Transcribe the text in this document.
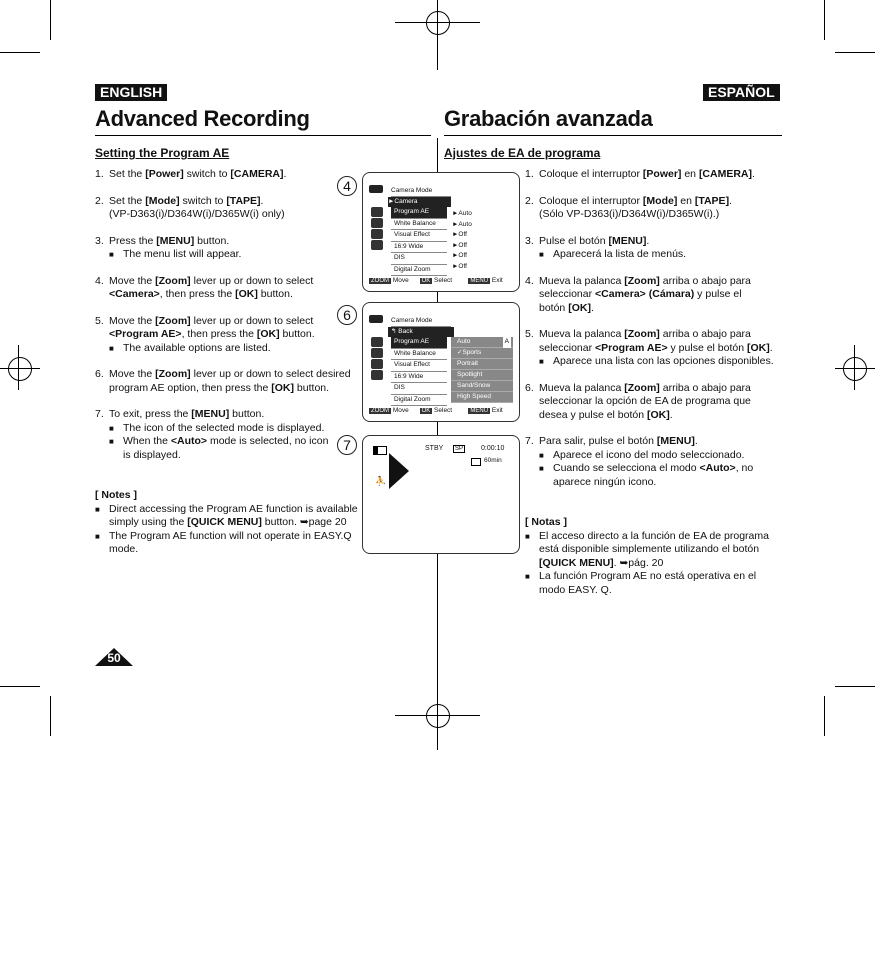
ENGLISH	ESPAÑOL
Advanced Recording	Grabación avanzada
Setting the Program AE	Ajustes de EA de programa
1. Set the [Power] switch to [CAMERA].
2. Set the [Mode] switch to [TAPE].
(VP-D363(i)/D364W(i)/D365W(i) only)
3. Press the [MENU] button.
■ The menu list will appear.
4. Move the [Zoom] lever up or down to select
<Camera>, then press the [OK] button.
5. Move the [Zoom] lever up or down to select
<Program AE>, then press the [OK] button.
■ The available options are listed.
6. Move the [Zoom] lever up or down to select desired
program AE option, then press the [OK] button.
7. To exit, press the [MENU] button.
■ The icon of the selected mode is displayed.
■ When the <Auto> mode is selected, no icon
is displayed.
[ Notes ]
■ Direct accessing the Program AE function is available
simply using the [QUICK MENU] button. ➥page 20
■ The Program AE function will not operate in EASY.Q
mode.
1. Coloque el interruptor [Power] en [CAMERA].
2. Coloque el interruptor [Mode] en [TAPE].
(Sólo VP-D363(i)/D364W(i)/D365W(i).)
3. Pulse el botón [MENU].
■ Aparecerá la lista de menús.
4. Mueva la palanca [Zoom] arriba o abajo para
seleccionar <Camera> (Cámara) y pulse el
botón [OK].
5. Mueva la palanca [Zoom] arriba o abajo para
seleccionar <Program AE> y pulse el botón [OK].
■ Aparece una lista con las opciones disponibles.
6. Mueva la palanca [Zoom] arriba o abajo para
seleccionar la opción de EA de programa que
desea y pulse el botón [OK].
7. Para salir, pulse el botón [MENU].
■ Aparece el icono del modo seleccionado.
■ Cuando se selecciona el modo <Auto>, no
aparece ningún icono.
[ Notas ]
■ El acceso directo a la función de EA de programa
está disponible simplemente utilizando el botón
[QUICK MENU]. ➥pág. 20
■ La función Program AE no está operativa en el
modo EASY. Q.
4	Camera Mode
►Camera
Program AE
White Balance
Visual Effect
16:9 Wide
DIS
Digital Zoom
►Auto
►Auto
►Off
►Off
►Off
►Off
ZOOM Move OK Select	MENU Exit
6	Camera Mode
↰ Back
Program AE
White Balance
Visual Effect
16:9 Wide
DIS
Digital Zoom
Auto	A
✓Sports
Portrait
Spotlight
Sand/Snow
High Speed
ZOOM Move OK Select	MENU Exit
7	STBY	SP	0:00:10
60min
⛹
50
